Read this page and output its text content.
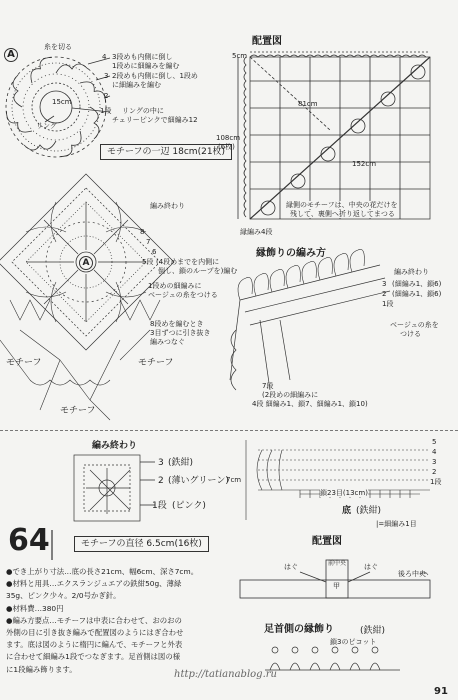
A
糸を切る
15cm
リング
4 3段めも内側に倒し
1段めに細編みを編む
3 2段めも内側に倒し、1段め
に細編みを編む
2
1段 リングの中に
チェリーピンクで細編み12
モチーフの一辺 18cm(21枚)
配置図
5cm
108cm
(6枚)
81cm
152cm
縁側のモチーフは、中央の花だけを
残して、裏側へ折り返してまつる
縁編み4段
A
編み終わり
8
7
6
5段 (4段めまでを内側に
倒し、鎖のループを)編む
1段めの細編みに
ベージュの糸をつける
8段めを編むとき
3目ずつに引き抜き
編みつなぐ
モチーフ	モチーフ
モチーフ
縁飾りの編み方
編み終わり
3 (細編み1、鎖6)
2 (細編み1、鎖6)
1段
ベージュの糸を
つける
7段
(2段めの細編みに
4段 細編み1、鎖7、細編み1、鎖10)
編み終わり
3 (鉄紺)
2 (薄いグリーン)
1段 (ピンク)
モチーフの直径 6.5cm(16枚)
7cm
5
4
3
2
1段
鎖23目(13cm)
底 (鉄紺)
|=細編み1目
64
●でき上がり寸法…底の長さ21cm、幅6cm、深さ7cm。
●材料と用具…エクスランジュエアの鉄紺50g、薄緑
35g、ピンク少々。2/0号かぎ針。
●材料費…380円
●編み方要点…モチーフは中表に合わせて、おのおの
外側の目に引き抜き編みで配置図のようにはぎ合わせ
ます。底は図のように楕円に編んで、モチーフと外表
に合わせて細編み1段でつなぎます。足首側は図の様
に1段編み飾ります。
配置図
前中央
はぐ	はぐ
後ろ中央
甲
足首側の縁飾り	(鉄紺)
鎖3のピコット
http://tatianablog.ru
91
